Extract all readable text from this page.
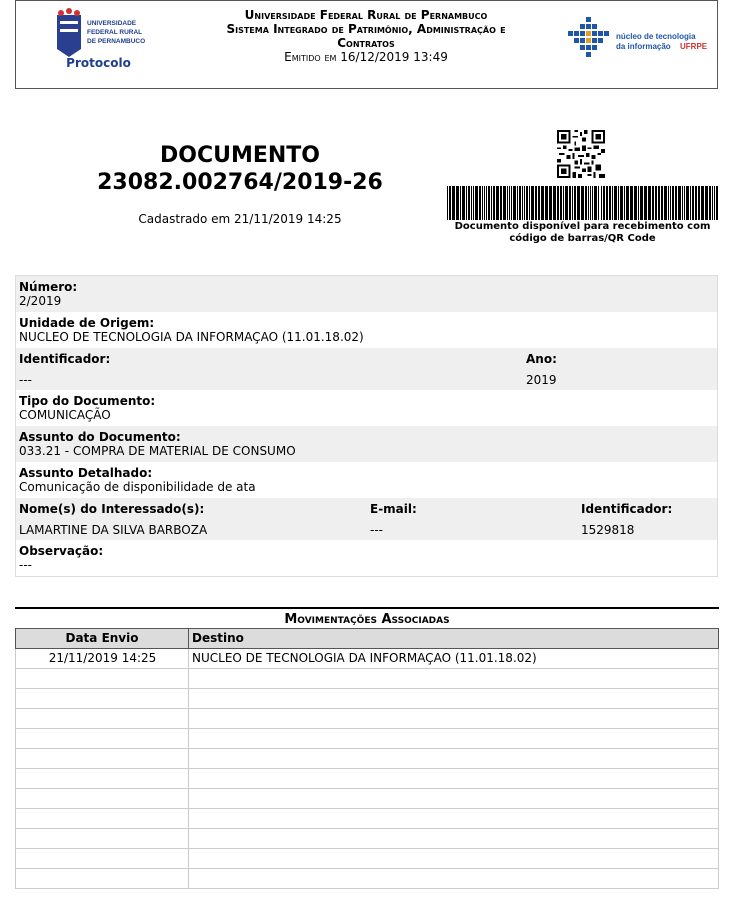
UNIVERSIDADE
FEDERAL RURAL
DE PERNAMBUCO
Protocolo
Universidade Federal Rural de Pernambuco
Sistema Integrado de Patrimônio, Administração e
Contratos
Emitido em 16/12/2019 13:49
núcleo de tecnologia
da informação UFRPE
DOCUMENTO
23082.002764/2019-26
Cadastrado em 21/11/2019 14:25
Documento disponível para recebimento com
código de barras/QR Code
Número:
2/2019
Unidade de Origem:
NUCLEO DE TECNOLOGIA DA INFORMAÇAO (11.01.18.02)
Identificador:
---
Ano:
2019
Tipo do Documento:
COMUNICAÇÃO
Assunto do Documento:
033.21 - COMPRA DE MATERIAL DE CONSUMO
Assunto Detalhado:
Comunicação de disponibilidade de ata
Nome(s) do Interessado(s):
LAMARTINE DA SILVA BARBOZA
E-mail:
---
Identificador:
1529818
Observação:
---
Movimentações Associadas
Data Envio	Destino
21/11/2019 14:25	NUCLEO DE TECNOLOGIA DA INFORMAÇAO (11.01.18.02)
